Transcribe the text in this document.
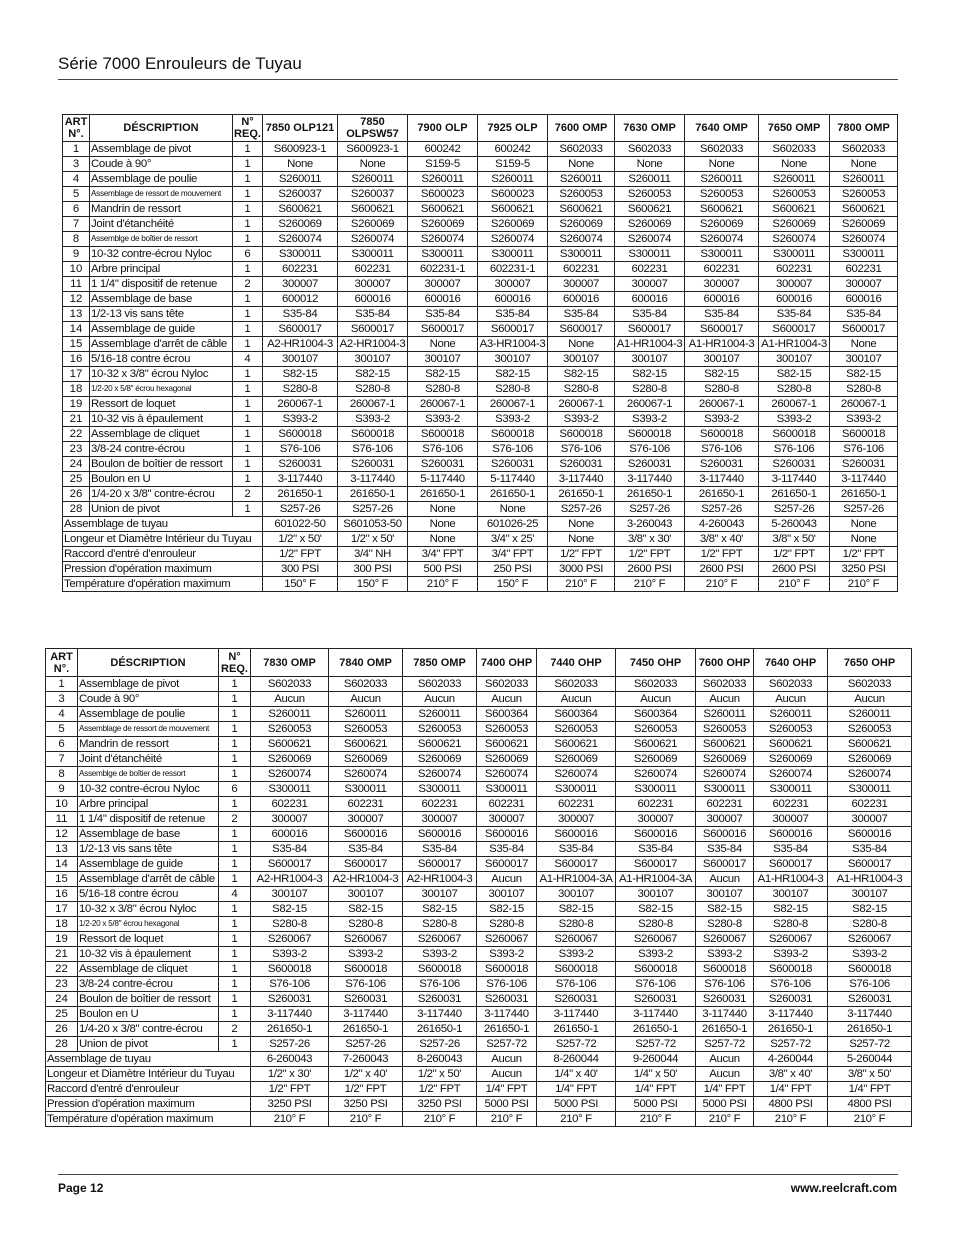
Série 7000 Enrouleurs de Tuyau
ART N°.	DÉSCRIPTION	N° REQ.	7850 OLP121	7850 OLPSW57	7900 OLP	7925 OLP	7600 OMP	7630 OMP	7640 OMP	7650 OMP	7800 OMP
1	Assemblage de pivot	1	S600923-1	S600923-1	600242	600242	S602033	S602033	S602033	S602033	S602033
3	Coude à 90°	1	None	None	S159-5	S159-5	None	None	None	None	None
4	Assemblage de poulie	1	S260011	S260011	S260011	S260011	S260011	S260011	S260011	S260011	S260011
5	Assemblage de ressort de mouvement	1	S260037	S260037	S600023	S600023	S260053	S260053	S260053	S260053	S260053
6	Mandrin de ressort	1	S600621	S600621	S600621	S600621	S600621	S600621	S600621	S600621	S600621
7	Joint d'étanchéité	1	S260069	S260069	S260069	S260069	S260069	S260069	S260069	S260069	S260069
8	Assemblge de boîtier de ressort	1	S260074	S260074	S260074	S260074	S260074	S260074	S260074	S260074	S260074
9	10-32 contre-écrou Nyloc	6	S300011	S300011	S300011	S300011	S300011	S300011	S300011	S300011	S300011
10	Arbre principal	1	602231	602231	602231-1	602231-1	602231	602231	602231	602231	602231
11	1 1/4" dispositif de retenue	2	300007	300007	300007	300007	300007	300007	300007	300007	300007
12	Assemblage de base	1	600012	600016	600016	600016	600016	600016	600016	600016	600016
13	1/2-13 vis sans tête	1	S35-84	S35-84	S35-84	S35-84	S35-84	S35-84	S35-84	S35-84	S35-84
14	Assemblage de guide	1	S600017	S600017	S600017	S600017	S600017	S600017	S600017	S600017	S600017
15	Assemblage d'arrêt de câble	1	A2-HR1004-3	A2-HR1004-3	None	A3-HR1004-3	None	A1-HR1004-3	A1-HR1004-3	A1-HR1004-3	None
16	5/16-18 contre écrou	4	300107	300107	300107	300107	300107	300107	300107	300107	300107
17	10-32 x 3/8" écrou Nyloc	1	S82-15	S82-15	S82-15	S82-15	S82-15	S82-15	S82-15	S82-15	S82-15
18	1/2-20 x 5/8" écrou hexagonal	1	S280-8	S280-8	S280-8	S280-8	S280-8	S280-8	S280-8	S280-8	S280-8
19	Ressort de loquet	1	260067-1	260067-1	260067-1	260067-1	260067-1	260067-1	260067-1	260067-1	260067-1
21	10-32 vis à épaulement	1	S393-2	S393-2	S393-2	S393-2	S393-2	S393-2	S393-2	S393-2	S393-2
22	Assemblage de cliquet	1	S600018	S600018	S600018	S600018	S600018	S600018	S600018	S600018	S600018
23	3/8-24 contre-écrou	1	S76-106	S76-106	S76-106	S76-106	S76-106	S76-106	S76-106	S76-106	S76-106
24	Boulon de boîtier de ressort	1	S260031	S260031	S260031	S260031	S260031	S260031	S260031	S260031	S260031
25	Boulon en U	1	3-117440	3-117440	5-117440	5-117440	3-117440	3-117440	3-117440	3-117440	3-117440
26	1/4-20 x 3/8" contre-écrou	2	261650-1	261650-1	261650-1	261650-1	261650-1	261650-1	261650-1	261650-1	261650-1
28	Union de pivot	1	S257-26	S257-26	None	None	S257-26	S257-26	S257-26	S257-26	S257-26
Assemblage de tuyau			601022-50	S601053-50	None	601026-25	None	3-260043	4-260043	5-260043	None
Longeur et Diamètre Intérieur du Tuyau			1/2" x 50'	1/2" x 50'	None	3/4" x 25'	None	3/8" x 30'	3/8" x 40'	3/8" x 50'	None
Raccord d'entré d'enrouleur			1/2" FPT	3/4" NH	3/4" FPT	3/4" FPT	1/2" FPT	1/2" FPT	1/2" FPT	1/2" FPT	1/2" FPT
Pression d'opération maximum			300 PSI	300 PSI	500 PSI	250 PSI	3000 PSI	2600 PSI	2600 PSI	2600 PSI	3250 PSI
Température d'opération maximum			150° F	150° F	210° F	150° F	210° F	210° F	210° F	210° F	210° F
ART N°.	DÉSCRIPTION	N° REQ.	7830 OMP	7840 OMP	7850 OMP	7400 OHP	7440 OHP	7450 OHP	7600 OHP	7640 OHP	7650 OHP
1	Assemblage de pivot	1	S602033	S602033	S602033	S602033	S602033	S602033	S602033	S602033	S602033
3	Coude à 90°	1	Aucun	Aucun	Aucun	Aucun	Aucun	Aucun	Aucun	Aucun	Aucun
4	Assemblage de poulie	1	S260011	S260011	S260011	S600364	S600364	S600364	S260011	S260011	S260011
5	Assemblage de ressort de mouvement	1	S260053	S260053	S260053	S260053	S260053	S260053	S260053	S260053	S260053
6	Mandrin de ressort	1	S600621	S600621	S600621	S600621	S600621	S600621	S600621	S600621	S600621
7	Joint d'étanchéité	1	S260069	S260069	S260069	S260069	S260069	S260069	S260069	S260069	S260069
8	Assemblge de boîtier de ressort	1	S260074	S260074	S260074	S260074	S260074	S260074	S260074	S260074	S260074
9	10-32 contre-écrou Nyloc	6	S300011	S300011	S300011	S300011	S300011	S300011	S300011	S300011	S300011
10	Arbre principal	1	602231	602231	602231	602231	602231	602231	602231	602231	602231
11	1 1/4" dispositif de retenue	2	300007	300007	300007	300007	300007	300007	300007	300007	300007
12	Assemblage de base	1	600016	S600016	S600016	S600016	S600016	S600016	S600016	S600016	S600016
13	1/2-13 vis sans tête	1	S35-84	S35-84	S35-84	S35-84	S35-84	S35-84	S35-84	S35-84	S35-84
14	Assemblage de guide	1	S600017	S600017	S600017	S600017	S600017	S600017	S600017	S600017	S600017
15	Assemblage d'arrêt de câble	1	A2-HR1004-3	A2-HR1004-3	A2-HR1004-3	Aucun	A1-HR1004-3A	A1-HR1004-3A	Aucun	A1-HR1004-3	A1-HR1004-3
16	5/16-18 contre écrou	4	300107	300107	300107	300107	300107	300107	300107	300107	300107
17	10-32 x 3/8" écrou Nyloc	1	S82-15	S82-15	S82-15	S82-15	S82-15	S82-15	S82-15	S82-15	S82-15
18	1/2-20 x 5/8" écrou hexagonal	1	S280-8	S280-8	S280-8	S280-8	S280-8	S280-8	S280-8	S280-8	S280-8
19	Ressort de loquet	1	S260067	S260067	S260067	S260067	S260067	S260067	S260067	S260067	S260067
21	10-32 vis à épaulement	1	S393-2	S393-2	S393-2	S393-2	S393-2	S393-2	S393-2	S393-2	S393-2
22	Assemblage de cliquet	1	S600018	S600018	S600018	S600018	S600018	S600018	S600018	S600018	S600018
23	3/8-24 contre-écrou	1	S76-106	S76-106	S76-106	S76-106	S76-106	S76-106	S76-106	S76-106	S76-106
24	Boulon de boîtier de ressort	1	S260031	S260031	S260031	S260031	S260031	S260031	S260031	S260031	S260031
25	Boulon en U	1	3-117440	3-117440	3-117440	3-117440	3-117440	3-117440	3-117440	3-117440	3-117440
26	1/4-20 x 3/8" contre-écrou	2	261650-1	261650-1	261650-1	261650-1	261650-1	261650-1	261650-1	261650-1	261650-1
28	Union de pivot	1	S257-26	S257-26	S257-26	S257-72	S257-72	S257-72	S257-72	S257-72	S257-72
Assemblage de tuyau			6-260043	7-260043	8-260043	Aucun	8-260044	9-260044	Aucun	4-260044	5-260044
Longeur et Diamètre Intérieur du Tuyau			1/2" x 30'	1/2" x 40'	1/2" x 50'	Aucun	1/4" x 40'	1/4" x 50'	Aucun	3/8" x 40'	3/8" x 50'
Raccord d'entré d'enrouleur			1/2" FPT	1/2" FPT	1/2" FPT	1/4" FPT	1/4" FPT	1/4" FPT	1/4" FPT	1/4" FPT	1/4" FPT
Pression d'opération maximum			3250 PSI	3250 PSI	3250 PSI	5000 PSI	5000 PSI	5000 PSI	5000 PSI	4800 PSI	4800 PSI
Température d'opération maximum			210° F	210° F	210° F	210° F	210° F	210° F	210° F	210° F	210° F
Page 12	www.reelcraft.com
